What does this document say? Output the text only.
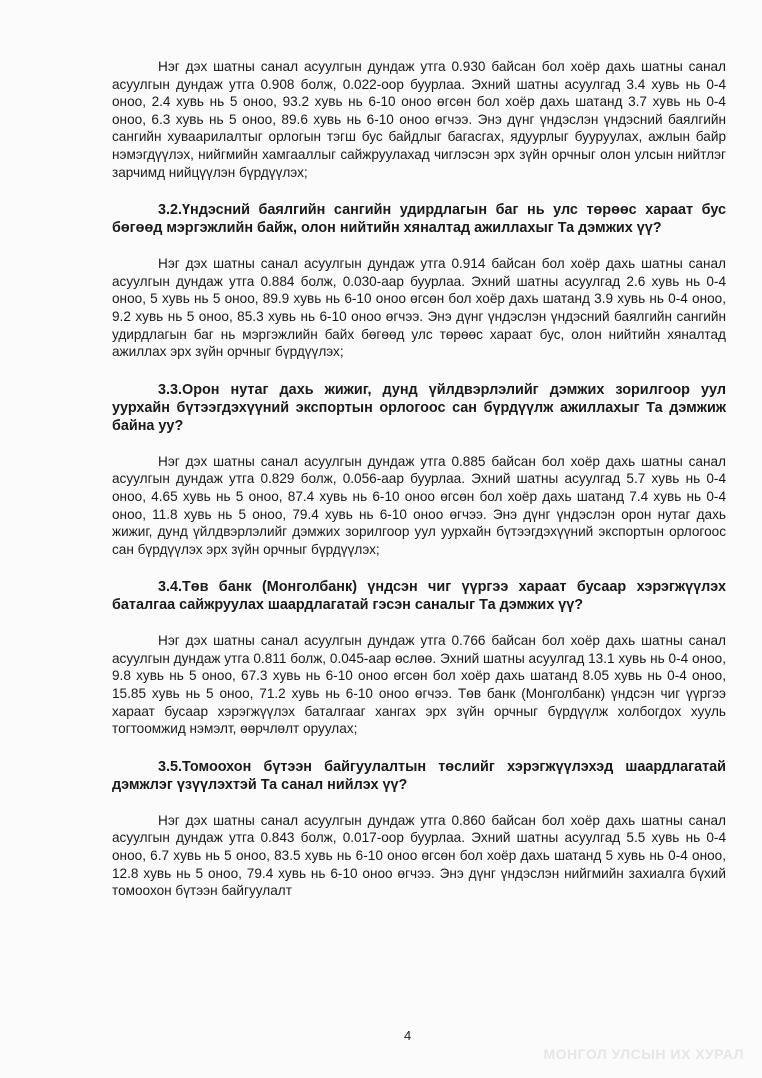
Нэг дэх шатны санал асуулгын дундаж утга 0.930 байсан бол хоёр дахь шатны санал асуулгын дундаж утга 0.908 болж, 0.022-оор буурлаа. Эхний шатны асуулгад 3.4 хувь нь 0-4 оноо, 2.4 хувь нь 5 оноо, 93.2 хувь нь 6-10 оноо өгсөн бол хоёр дахь шатанд 3.7 хувь нь 0-4 оноо, 6.3 хувь нь 5 оноо, 89.6 хувь нь 6-10 оноо өгчээ. Энэ дүнг үндэслэн үндэсний баялгийн сангийн хуваарилалтыг орлогын тэгш бус байдлыг багасгах, ядуурлыг бууруулах, ажлын байр нэмэгдүүлэх, нийгмийн хамгааллыг сайжруулахад чиглэсэн эрх зүйн орчныг олон улсын нийтлэг зарчимд нийцүүлэн бүрдүүлэх;

3.2.Үндэсний баялгийн сангийн удирдлагын баг нь улс төрөөс хараат бус бөгөөд мэргэжлийн байж, олон нийтийн хяналтад ажиллахыг Та дэмжих үү?

Нэг дэх шатны санал асуулгын дундаж утга 0.914 байсан бол хоёр дахь шатны санал асуулгын дундаж утга 0.884 болж, 0.030-аар буурлаа. Эхний шатны асуулгад 2.6 хувь нь 0-4 оноо, 5 хувь нь 5 оноо, 89.9 хувь нь 6-10 оноо өгсөн бол хоёр дахь шатанд 3.9 хувь нь 0-4 оноо, 9.2 хувь нь 5 оноо, 85.3 хувь нь 6-10 оноо өгчээ. Энэ дүнг үндэслэн үндэсний баялгийн сангийн удирдлагын баг нь мэргэжлийн байх бөгөөд улс төрөөс хараат бус, олон нийтийн хяналтад ажиллах эрх зүйн орчныг бүрдүүлэх;

3.3.Орон нутаг дахь жижиг, дунд үйлдвэрлэлийг дэмжих зорилгоор уул уурхайн бүтээгдэхүүний экспортын орлогоос сан бүрдүүлж ажиллахыг Та дэмжиж байна уу?

Нэг дэх шатны санал асуулгын дундаж утга 0.885 байсан бол хоёр дахь шатны санал асуулгын дундаж утга 0.829 болж, 0.056-аар буурлаа. Эхний шатны асуулгад 5.7 хувь нь 0-4 оноо, 4.65 хувь нь 5 оноо, 87.4 хувь нь 6-10 оноо өгсөн бол хоёр дахь шатанд 7.4 хувь нь 0-4 оноо, 11.8 хувь нь 5 оноо, 79.4 хувь нь 6-10 оноо өгчээ. Энэ дүнг үндэслэн орон нутаг дахь жижиг, дунд үйлдвэрлэлийг дэмжих зорилгоор уул уурхайн бүтээгдэхүүний экспортын орлогоос сан бүрдүүлэх эрх зүйн орчныг бүрдүүлэх;

3.4.Төв банк (Монголбанк) үндсэн чиг үүргээ хараат бусаар хэрэгжүүлэх баталгаа сайжруулах шаардлагатай гэсэн саналыг Та дэмжих үү?

Нэг дэх шатны санал асуулгын дундаж утга 0.766 байсан бол хоёр дахь шатны санал асуулгын дундаж утга 0.811 болж, 0.045-аар өслөө. Эхний шатны асуулгад 13.1 хувь нь 0-4 оноо, 9.8 хувь нь 5 оноо, 67.3 хувь нь 6-10 оноо өгсөн бол хоёр дахь шатанд 8.05 хувь нь 0-4 оноо, 15.85 хувь нь 5 оноо, 71.2 хувь нь 6-10 оноо өгчээ. Төв банк (Монголбанк) үндсэн чиг үүргээ хараат бусаар хэрэгжүүлэх баталгааг хангах эрх зүйн орчныг бүрдүүлж холбогдох хууль тогтоомжид нэмэлт, өөрчлөлт оруулах;

3.5.Томоохон бүтээн байгуулалтын төслийг хэрэгжүүлэхэд шаардлагатай дэмжлэг үзүүлэхтэй Та санал нийлэх үү?

Нэг дэх шатны санал асуулгын дундаж утга 0.860 байсан бол хоёр дахь шатны санал асуулгын дундаж утга 0.843 болж, 0.017-оор буурлаа. Эхний шатны асуулгад 5.5 хувь нь 0-4 оноо, 6.7 хувь нь 5 оноо, 83.5 хувь нь 6-10 оноо өгсөн бол хоёр дахь шатанд 5 хувь нь 0-4 оноо, 12.8 хувь нь 5 оноо, 79.4 хувь нь 6-10 оноо өгчээ. Энэ дүнг үндэслэн нийгмийн захиалга бүхий томоохон бүтээн байгуулалт

4
МОНГОЛ УЛСЫН ИХ ХУРАЛ
